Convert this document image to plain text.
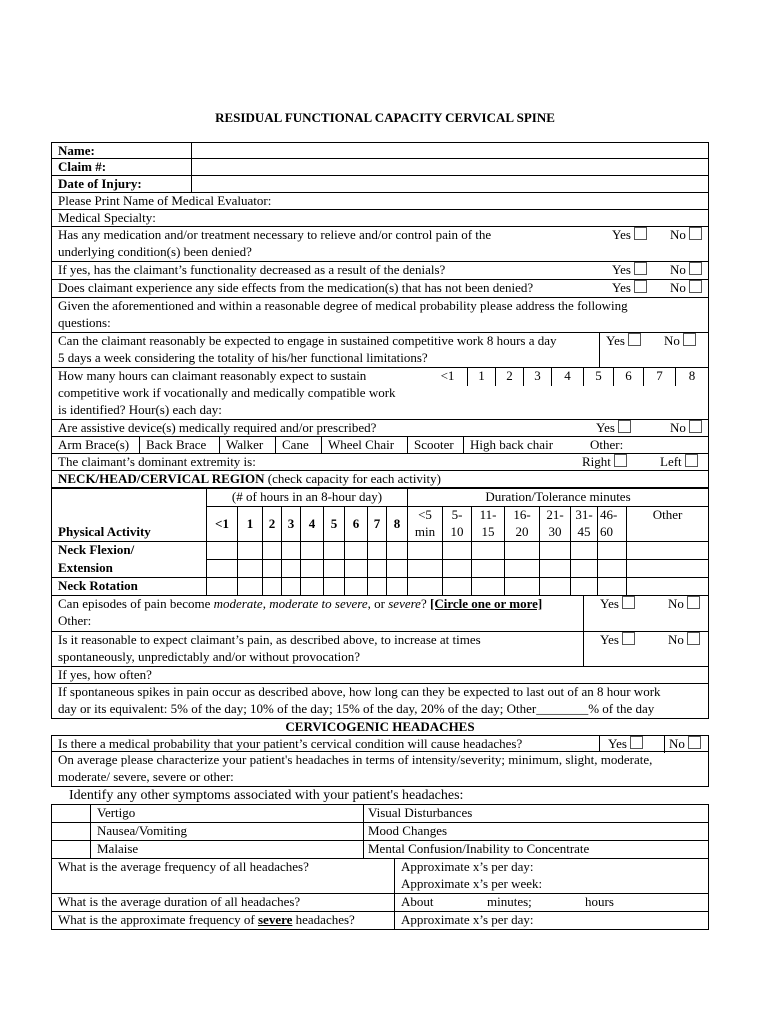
RESIDUAL FUNCTIONAL CAPACITY CERVICAL SPINE
Name:
Claim #:
Date of Injury:
Please Print Name of Medical Evaluator:
Medical Specialty:
Has any medication and/or treatment necessary to relieve and/or control pain of the
underlying condition(s) been denied?
Yes	No
If yes, has the claimant’s functionality decreased as a result of the denials?	Yes	No
Does claimant experience any side effects from the medication(s) that has not been denied?	Yes	No
Given the aforementioned and within a reasonable degree of medical probability please address the following
questions:
Can the claimant reasonably be expected to engage in sustained competitive work 8 hours a day
5 days a week considering the totality of his/her functional limitations?
Yes	No
How many hours can claimant reasonably expect to sustain
competitive work if vocationally and medically compatible work
is identified? Hour(s) each day:
<1	1	2	3	4	5	6	7	8
Are assistive device(s) medically required and/or prescribed?	Yes	No
Arm Brace(s)	Back Brace	Walker	Cane	Wheel Chair	Scooter	High back chair	Other:
The claimant’s dominant extremity is:	Right	Left
NECK/HEAD/CERVICAL REGION (check capacity for each activity)
	(# of hours in an 8-hour day)									Duration/Tolerance minutes							
	<1	1	2	3	4	5	6	7	8	<5	5-	11-	16-	21-	31-	46-	Other
Physical Activity										min	10	15	20	30	45	60	
Neck Flexion/																	
Extension																	
Neck Rotation																	
Can episodes of pain become moderate, moderate to severe, or severe? [Circle one or more]
Other:
Yes	No
Is it reasonable to expect claimant’s pain, as described above, to increase at times
spontaneously, unpredictably and/or without provocation?
Yes	No
If yes, how often?
If spontaneous spikes in pain occur as described above, how long can they be expected to last out of an 8 hour work
day or its equivalent: 5% of the day; 10% of the day; 15% of the day, 20% of the day; Other________% of the day
CERVICOGENIC HEADACHES
Is there a medical probability that your patient’s cervical condition will cause headaches?	Yes	No
On average please characterize your patient's headaches in terms of intensity/severity; minimum, slight, moderate,
moderate/ severe, severe or other:
Identify any other symptoms associated with your patient's headaches:
	Vertigo	Visual Disturbances
	Nausea/Vomiting	Mood Changes
	Malaise	Mental Confusion/Inability to Concentrate
What is the average frequency of all headaches?	Approximate x’s per day:
	Approximate x’s per week:
What is the average duration of all headaches?	About minutes; hours
What is the approximate frequency of severe headaches?	Approximate x’s per day:
